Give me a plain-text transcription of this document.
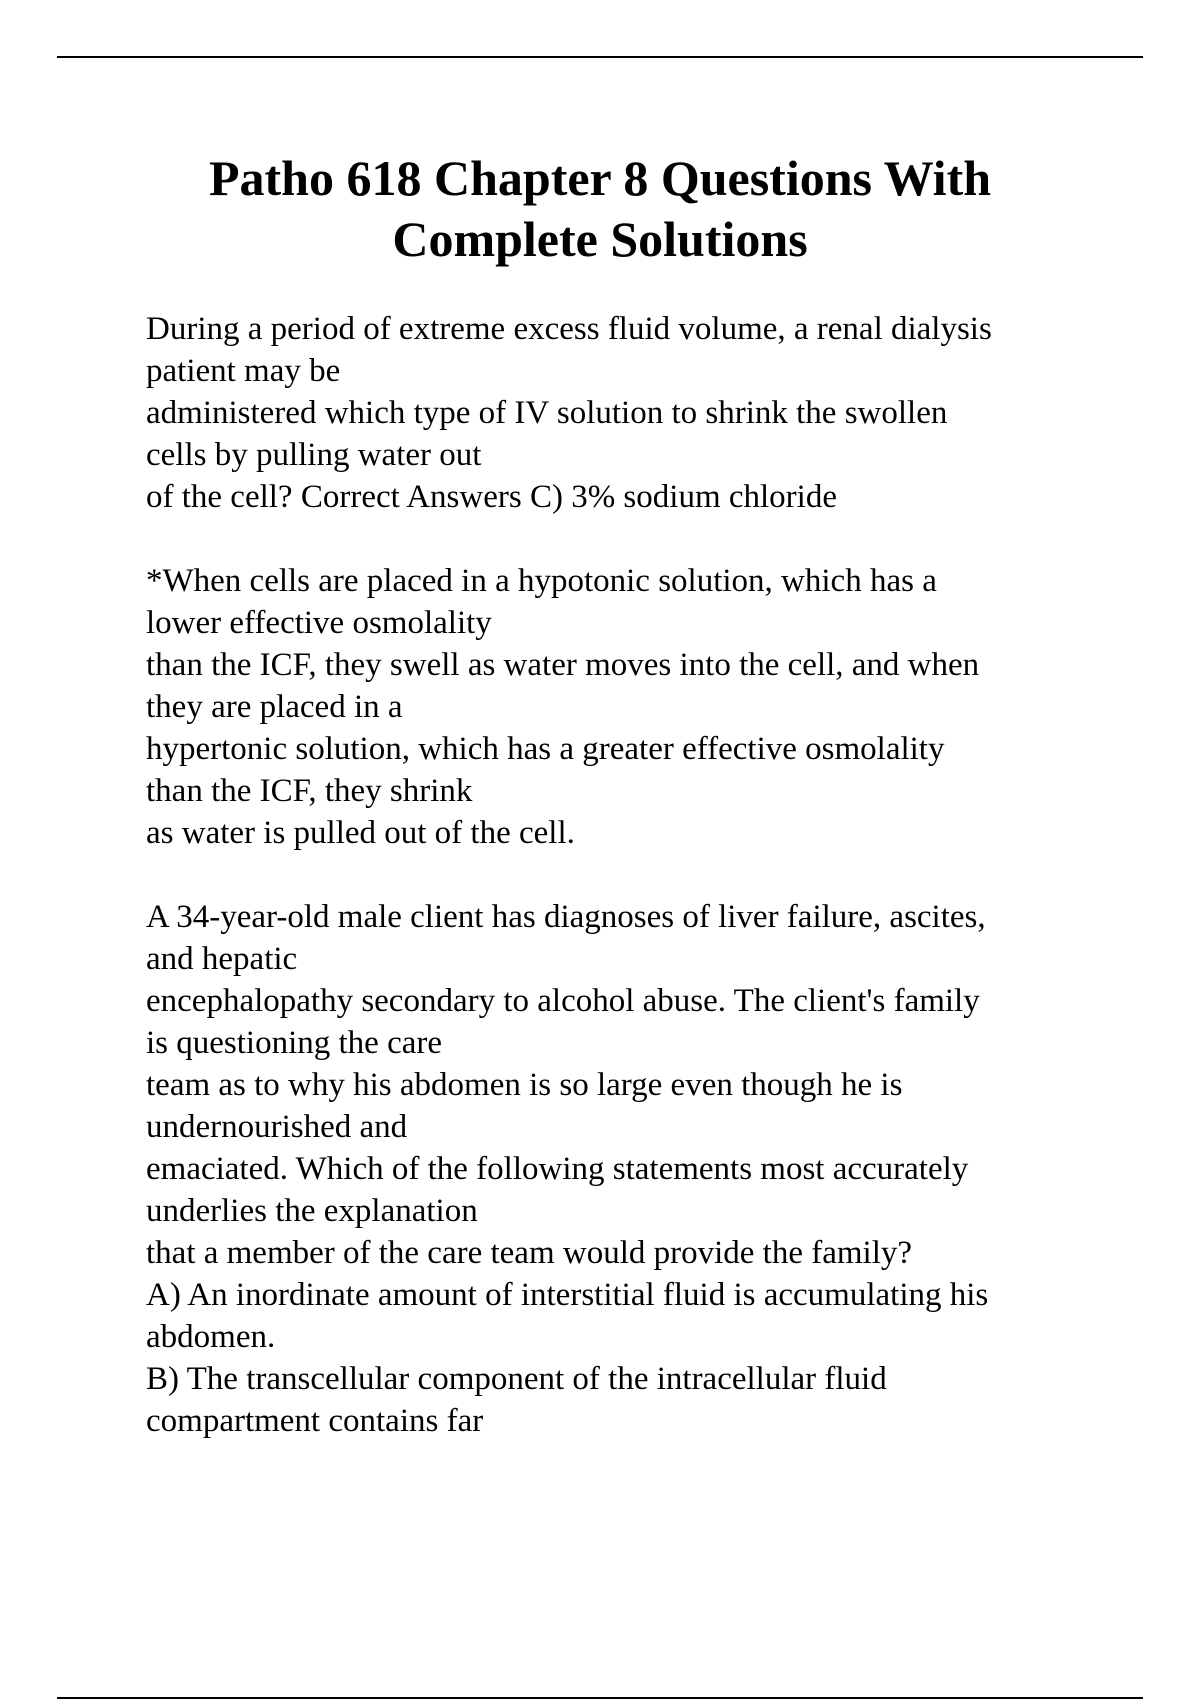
Patho 618 Chapter 8 Questions With
Complete Solutions
During a period of extreme excess fluid volume, a renal dialysis
patient may be
administered which type of IV solution to shrink the swollen
cells by pulling water out
of the cell? Correct Answers C) 3% sodium chloride
*When cells are placed in a hypotonic solution, which has a
lower effective osmolality
than the ICF, they swell as water moves into the cell, and when
they are placed in a
hypertonic solution, which has a greater effective osmolality
than the ICF, they shrink
as water is pulled out of the cell.
A 34-year-old male client has diagnoses of liver failure, ascites,
and hepatic
encephalopathy secondary to alcohol abuse. The client's family
is questioning the care
team as to why his abdomen is so large even though he is
undernourished and
emaciated. Which of the following statements most accurately
underlies the explanation
that a member of the care team would provide the family?
A) An inordinate amount of interstitial fluid is accumulating his
abdomen.
B) The transcellular component of the intracellular fluid
compartment contains far
